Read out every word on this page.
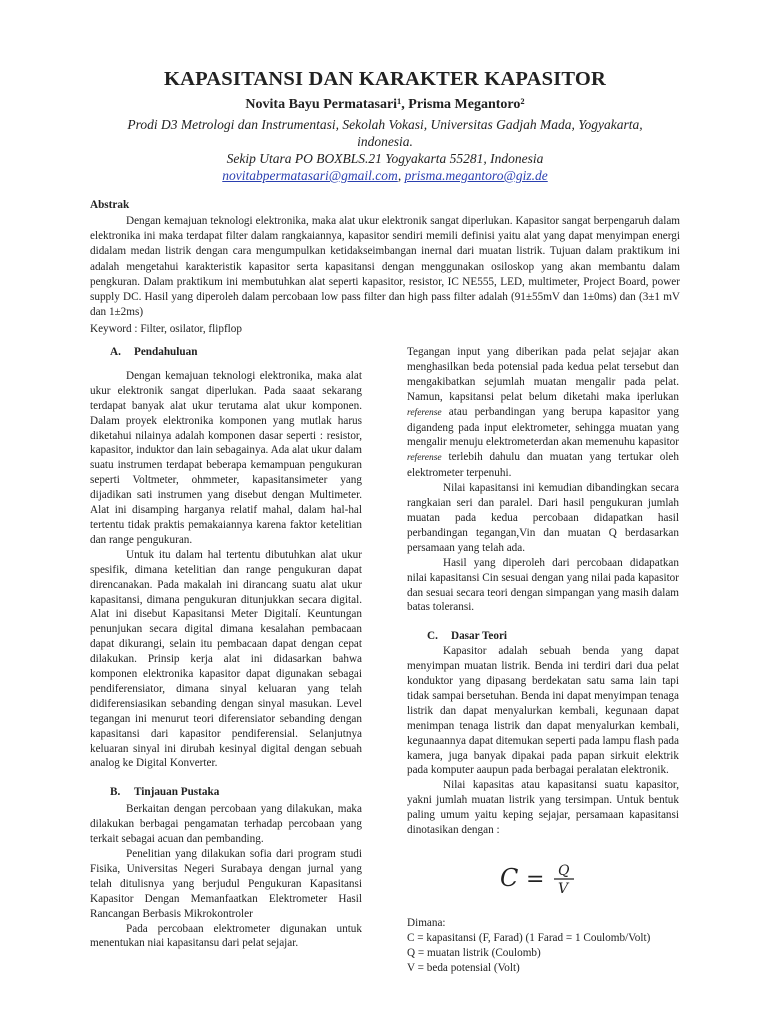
KAPASITANSI DAN KARAKTER KAPASITOR
Novita Bayu Permatasari¹, Prisma Megantoro²
Prodi D3 Metrologi dan Instrumentasi, Sekolah Vokasi, Universitas Gadjah Mada, Yogyakarta,
indonesia.
Sekip Utara PO BOXBLS.21 Yogyakarta 55281, Indonesia
novitabpermatasari@gmail.com, prisma.megantoro@giz.de
Abstrak

Dengan kemajuan teknologi elektronika, maka alat ukur elektronik sangat diperlukan. Kapasitor sangat berpengaruh dalam elektronika ini maka terdapat filter dalam rangkaiannya, kapasitor sendiri memili definisi yaitu alat yang dapat menyimpan energi didalam medan listrik dengan cara mengumpulkan ketidakseimbangan inernal dari muatan listrik. Tujuan dalam praktikum ini adalah mengetahui karakteristik kapasitor serta kapasitansi dengan menggunakan osiloskop yang akan membantu dalam pengkuran. Dalam praktikum ini membutuhkan alat seperti kapasitor, resistor, IC NE555, LED, multimeter, Project Board, power supply DC. Hasil yang diperoleh dalam percobaan low pass filter dan high pass filter adalah (91±55mV dan 1±0ms) dan (3±1 mV dan 1±2ms)

Keyword : Filter, osilator, flipflop
A. Pendahuluan

Dengan kemajuan teknologi elektronika, maka alat ukur elektronik sangat diperlukan. Pada saaat sekarang terdapat banyak alat ukur terutama alat ukur komponen. Dalam proyek elektronika komponen yang mutlak harus diketahui nilainya adalah komponen dasar seperti : resistor, kapasitor, induktor dan lain sebagainya. Ada alat ukur dalam suatu instrumen terdapat beberapa kemampuan pengukuran seperti Voltmeter, ohmmeter, kapasitansimeter yang dijadikan sati instrumen yang disebut dengan Multimeter. Alat ini disamping harganya relatif mahal, dalam hal-hal tertentu tidak praktis pemakaiannya karena faktor ketelitian dan range pengukuran.

Untuk itu dalam hal tertentu dibutuhkan alat ukur spesifik, dimana ketelitian dan range pengukuran dapat direncanakan. Pada makalah ini dirancang suatu alat ukur kapasitansi, dimana pengukuran ditunjukkan secara digital. Alat ini disebut Kapasitansi Meter Digitalí. Keuntungan penunjukan secara digital dimana kesalahan pembacaan dapat dikurangi, selain itu pembacaan dapat dengan cepat dilakukan. Prinsip kerja alat ini didasarkan bahwa komponen elektronika kapasitor dapat digunakan sebagai pendiferensiator, dimana sinyal keluaran yang telah didiferensiasikan sebanding dengan sinyal masukan. Level tegangan ini menurut teori diferensiator sebanding dengan kapasitansi dari kapasitor pendiferensial. Selanjutnya keluaran sinyal ini dirubah kesinyal digital dengan sebuah analog ke Digital Konverter.

B. Tinjauan Pustaka

Berkaitan dengan percobaan yang dilakukan, maka dilakukan berbagai pengamatan terhadap percobaan yang terkait sebagai acuan dan pembanding.

Penelitian yang dilakukan sofia dari program studi Fisika, Universitas Negeri Surabaya dengan jurnal yang telah ditulisnya yang berjudul Pengukuran Kapasitansi Kapasitor Dengan Memanfaatkan Elektrometer Hasil Rancangan Berbasis Mikrokontroler

Pada percobaan elektrometer digunakan untuk menentukan niai kapasitansu dari pelat sejajar.

Tegangan input yang diberikan pada pelat sejajar akan menghasilkan beda potensial pada kedua pelat tersebut dan mengakibatkan sejumlah muatan mengalir pada pelat. Namun, kapsitansi pelat belum diketahi maka iperlukan referense atau perbandingan yang berupa kapasitor yang digandeng pada input elektrometer, sehingga muatan yang mengalir menuju elektrometerdan akan memenuhu kapasitor referense terlebih dahulu dan muatan yang tertukar oleh elektrometer terpenuhi.

Nilai kapasitansi ini kemudian dibandingkan secara rangkaian seri dan paralel. Dari hasil pengukuran jumlah muatan pada kedua percobaan didapatkan hasil perbandingan tegangan,Vin dan muatan Q berdasarkan persamaan yang telah ada.

Hasil yang diperoleh dari percobaan didapatkan nilai kapasitansi Cin sesuai dengan yang nilai pada kapasitor dan sesuai secara teori dengan simpangan yang masih dalam batas toleransi.

C. Dasar Teori

Kapasitor adalah sebuah benda yang dapat menyimpan muatan listrik. Benda ini terdiri dari dua pelat konduktor yang dipasang berdekatan satu sama lain tapi tidak sampai bersetuhan. Benda ini dapat menyimpan tenaga listrik dan dapat menyalurkan kembali, kegunaan dapat menimpan tenaga listrik dan dapat menyalurkan kembali, kegunaannya dapat ditemukan seperti pada lampu flash pada kamera, juga banyak dipakai pada papan sirkuit elektrik pada komputer aaupun pada berbagai peralatan elektronik.

Nilai kapasitas atau kapasitansi suatu kapasitor, yakni jumlah muatan listrik yang tersimpan. Untuk bentuk paling umum yaitu keping sejajar, persamaan kapasitansi dinotasikan dengan :

C = Q
V

Dimana:

C = kapasitansi (F, Farad) (1 Farad = 1 Coulomb/Volt)

Q = muatan listrik (Coulomb)

V = beda potensial (Volt)
